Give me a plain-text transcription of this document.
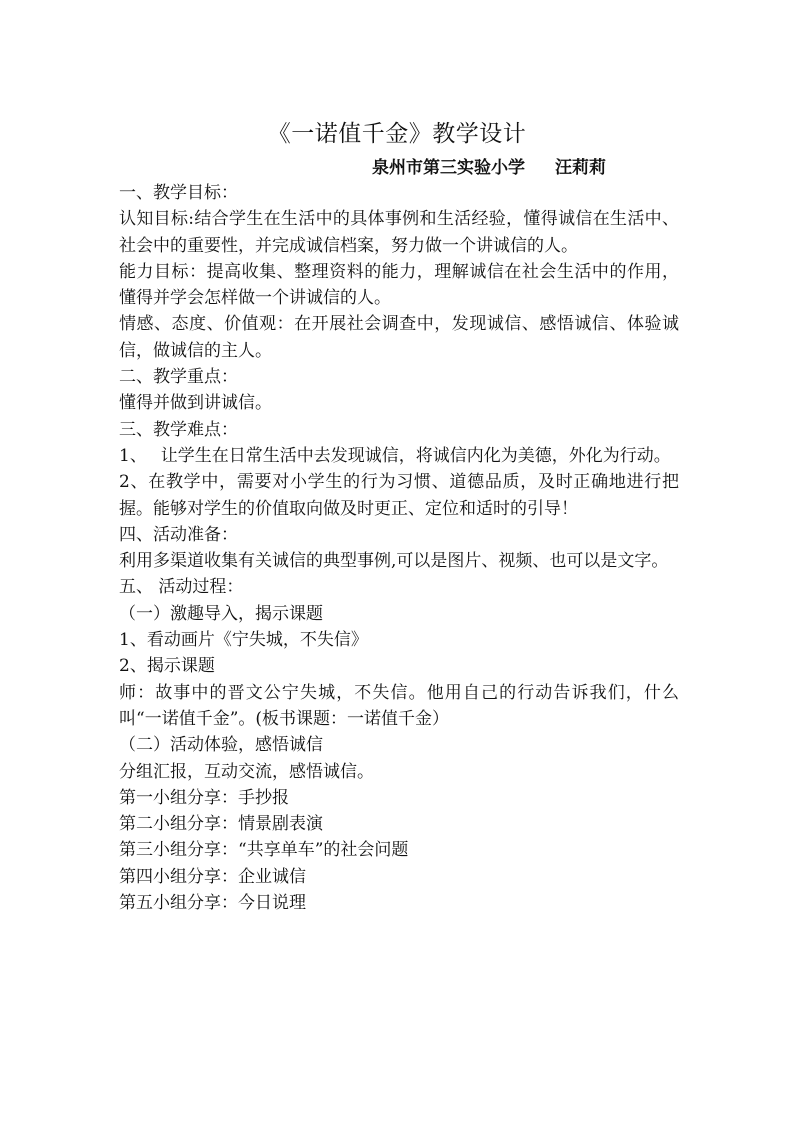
《一诺值千金》教学设计
泉州市第三实验小学 汪莉莉

一、教学目标：

认知目标:结合学生在生活中的具体事例和生活经验，懂得诚信在生活中、社会中的重要性，并完成诚信档案，努力做一个讲诚信的人。

能力目标：提高收集、整理资料的能力，理解诚信在社会生活中的作用，懂得并学会怎样做一个讲诚信的人。

情感、态度、价值观：在开展社会调查中，发现诚信、感悟诚信、体验诚信，做诚信的主人。

二、教学重点：

懂得并做到讲诚信。

三、教学难点：

1、　 让学生在日常生活中去发现诚信，将诚信内化为美德，外化为行动。

2、在教学中，需要对小学生的行为习惯、道德品质，及时正确地进行把握。能够对学生的价值取向做及时更正、定位和适时的引导！

四、活动准备：

利用多渠道收集有关诚信的典型事例,可以是图片、视频、也可以是文字。

五、 活动过程：

（一）激趣导入，揭示课题

1、看动画片《宁失城，不失信》

2、揭示课题

师：故事中的晋文公宁失城，不失信。他用自己的行动告诉我们，什么叫“一诺值千金”。(板书课题：一诺值千金）

（二）活动体验，感悟诚信

分组汇报，互动交流，感悟诚信。

第一小组分享：手抄报

第二小组分享：情景剧表演

第三小组分享：“共享单车”的社会问题

第四小组分享：企业诚信

第五小组分享：今日说理
